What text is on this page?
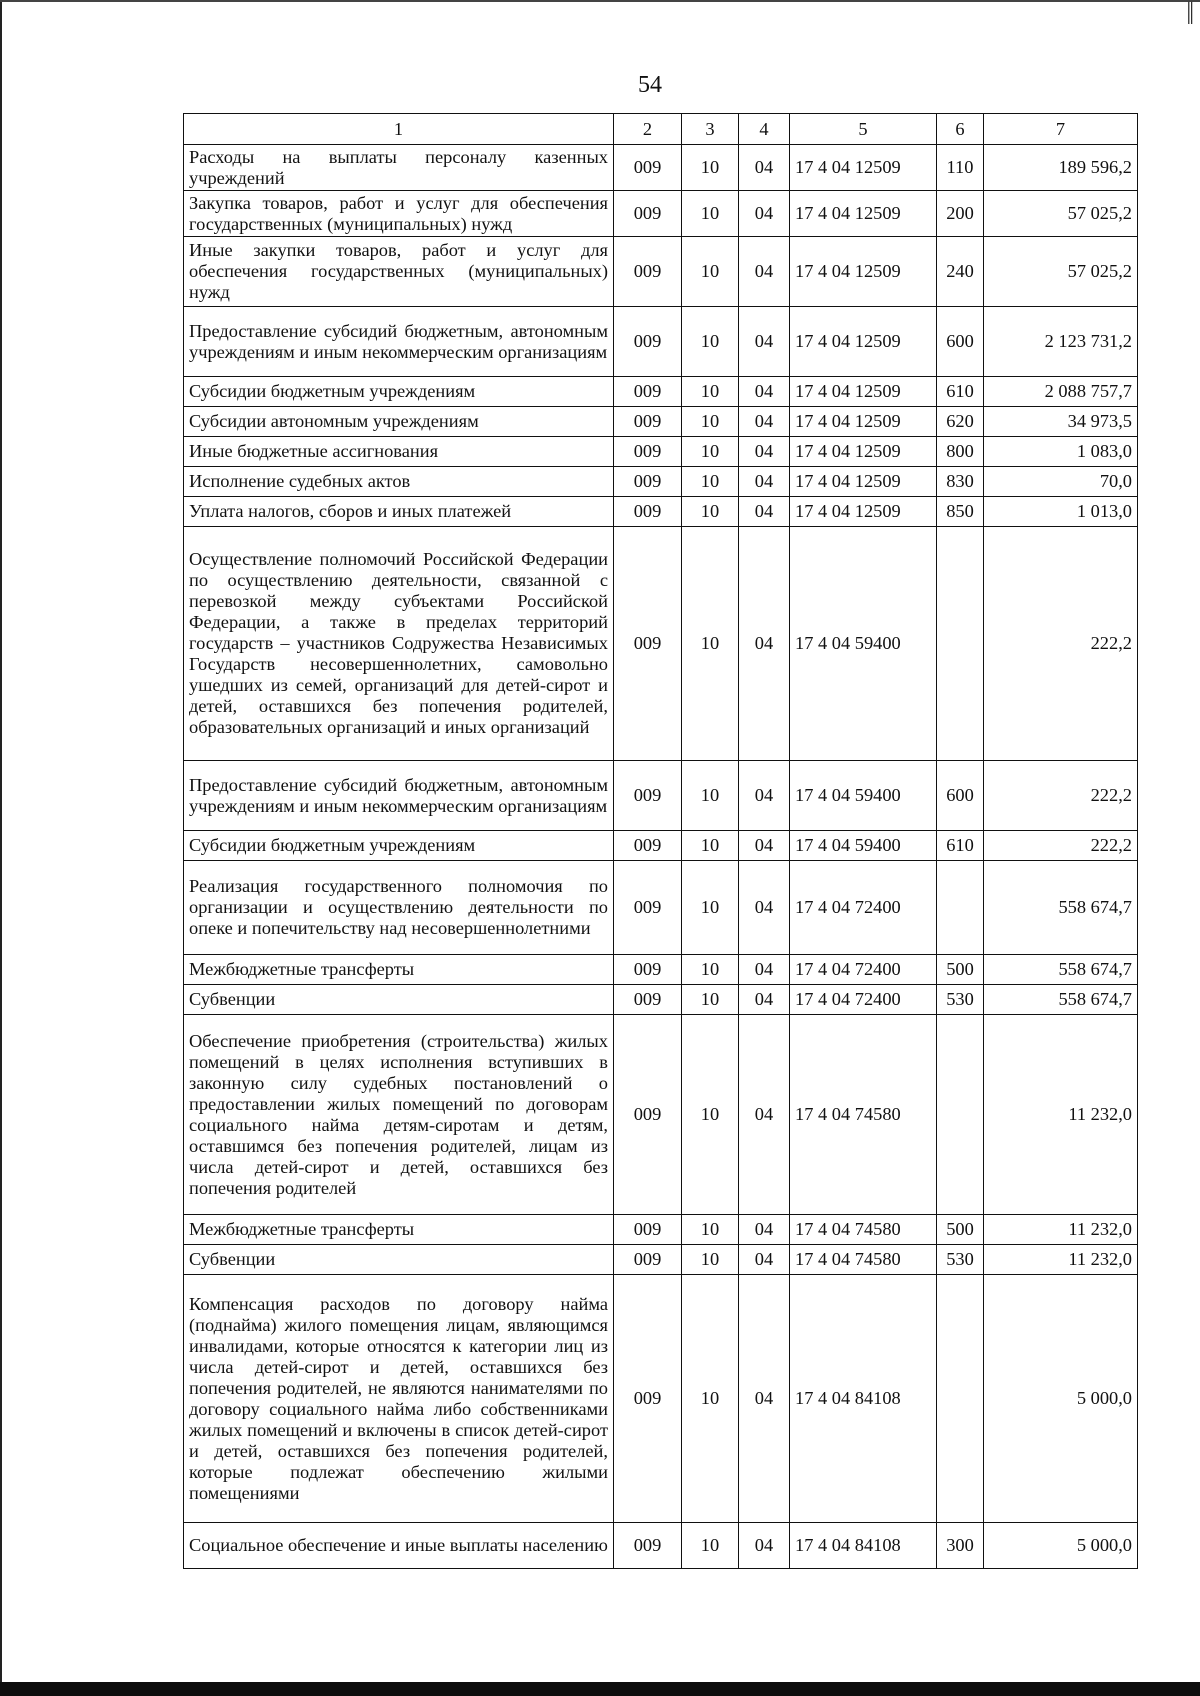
||
54
1	2	3	4	5	6	7
Расходы на выплаты персоналу казенных учреждений	009	10	04	17 4 04 12509	110	189 596,2
Закупка товаров, работ и услуг для обеспечения государственных (муниципальных) нужд	009	10	04	17 4 04 12509	200	57 025,2
Иные закупки товаров, работ и услуг для обеспечения государственных (муниципальных) нужд	009	10	04	17 4 04 12509	240	57 025,2
Предоставление субсидий бюджетным, автономным учреждениям и иным некоммерческим организациям	009	10	04	17 4 04 12509	600	2 123 731,2
Субсидии бюджетным учреждениям	009	10	04	17 4 04 12509	610	2 088 757,7
Субсидии автономным учреждениям	009	10	04	17 4 04 12509	620	34 973,5
Иные бюджетные ассигнования	009	10	04	17 4 04 12509	800	1 083,0
Исполнение судебных актов	009	10	04	17 4 04 12509	830	70,0
Уплата налогов, сборов и иных платежей	009	10	04	17 4 04 12509	850	1 013,0
Осуществление полномочий Российской Федерации по осуществлению деятельности, связанной с перевозкой между субъектами Российской Федерации, а также в пределах территорий государств – участников Содружества Независимых Государств несовершеннолетних, самовольно ушедших из семей, организаций для детей-сирот и детей, оставшихся без попечения родителей, образовательных организаций и иных организаций	009	10	04	17 4 04 59400		222,2
Предоставление субсидий бюджетным, автономным учреждениям и иным некоммерческим организациям	009	10	04	17 4 04 59400	600	222,2
Субсидии бюджетным учреждениям	009	10	04	17 4 04 59400	610	222,2
Реализация государственного полномочия по организации и осуществлению деятельности по опеке и попечительству над несовершеннолетними	009	10	04	17 4 04 72400		558 674,7
Межбюджетные трансферты	009	10	04	17 4 04 72400	500	558 674,7
Субвенции	009	10	04	17 4 04 72400	530	558 674,7
Обеспечение приобретения (строительства) жилых помещений в целях исполнения вступивших в законную силу судебных постановлений о предоставлении жилых помещений по договорам социального найма детям-сиротам и детям, оставшимся без попечения родителей, лицам из числа детей-сирот и детей, оставшихся без попечения родителей	009	10	04	17 4 04 74580		11 232,0
Межбюджетные трансферты	009	10	04	17 4 04 74580	500	11 232,0
Субвенции	009	10	04	17 4 04 74580	530	11 232,0
Компенсация расходов по договору найма (поднайма) жилого помещения лицам, являющимся инвалидами, которые относятся к категории лиц из числа детей-сирот и детей, оставшихся без попечения родителей, не являются нанимателями по договору социального найма либо собственниками жилых помещений и включены в список детей-сирот и детей, оставшихся без попечения родителей, которые подлежат обеспечению жилыми помещениями	009	10	04	17 4 04 84108		5 000,0
Социальное обеспечение и иные выплаты населению	009	10	04	17 4 04 84108	300	5 000,0
